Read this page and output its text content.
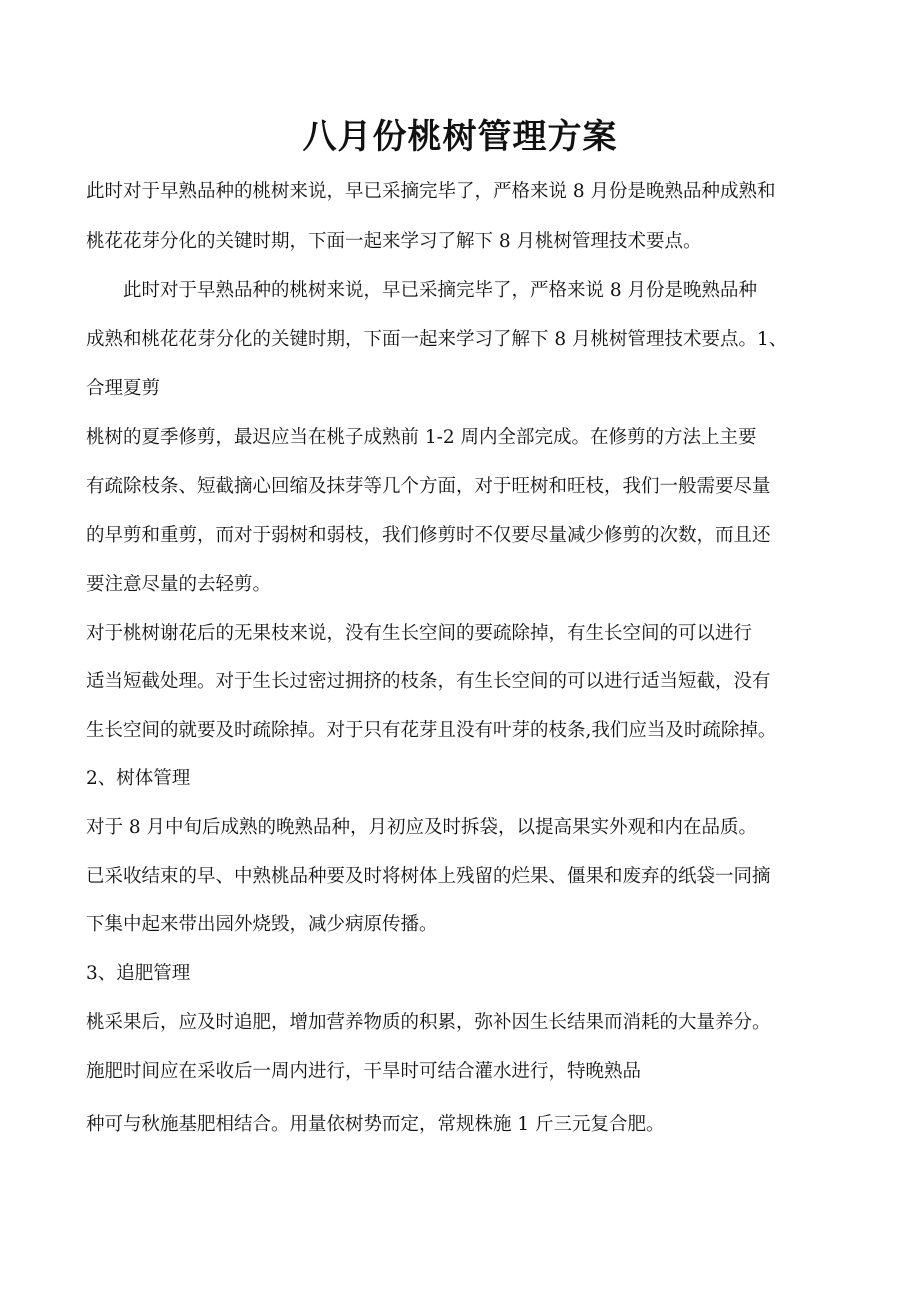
八月份桃树管理方案
此时对于早熟品种的桃树来说，早已采摘完毕了，严格来说 8 月份是晚熟品种成熟和
桃花花芽分化的关键时期，下面一起来学习了解下 8 月桃树管理技术要点。
　　此时对于早熟品种的桃树来说，早已采摘完毕了，严格来说 8 月份是晚熟品种
成熟和桃花花芽分化的关键时期，下面一起来学习了解下 8 月桃树管理技术要点。1、
合理夏剪
桃树的夏季修剪，最迟应当在桃子成熟前 1-2 周内全部完成。在修剪的方法上主要
有疏除枝条、短截摘心回缩及抹芽等几个方面，对于旺树和旺枝，我们一般需要尽量
的早剪和重剪，而对于弱树和弱枝，我们修剪时不仅要尽量减少修剪的次数，而且还
要注意尽量的去轻剪。
对于桃树谢花后的无果枝来说，没有生长空间的要疏除掉，有生长空间的可以进行
适当短截处理。对于生长过密过拥挤的枝条，有生长空间的可以进行适当短截，没有
生长空间的就要及时疏除掉。对于只有花芽且没有叶芽的枝条,我们应当及时疏除掉。
2、树体管理
对于 8 月中旬后成熟的晚熟品种，月初应及时拆袋，以提高果实外观和内在品质。
已采收结束的早、中熟桃品种要及时将树体上残留的烂果、僵果和废弃的纸袋一同摘
下集中起来带出园外烧毁，减少病原传播。
3、追肥管理
桃采果后，应及时追肥，增加营养物质的积累，弥补因生长结果而消耗的大量养分。
施肥时间应在采收后一周内进行，干旱时可结合灌水进行，特晚熟品
种可与秋施基肥相结合。用量依树势而定，常规株施 1 斤三元复合肥。
